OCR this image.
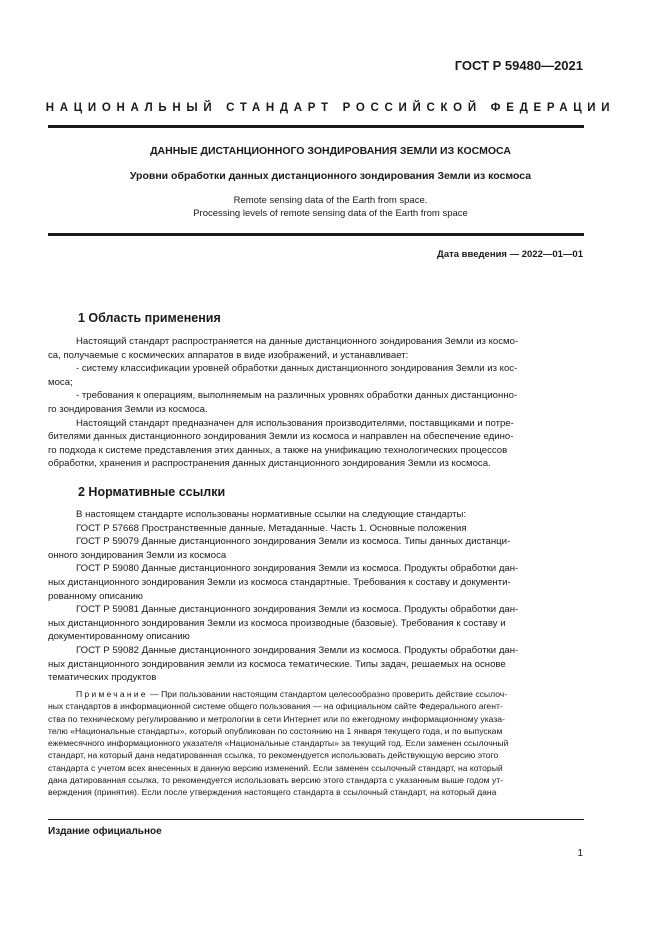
ГОСТ Р 59480—2021
НАЦИОНАЛЬНЫЙ СТАНДАРТ РОССИЙСКОЙ ФЕДЕРАЦИИ
ДАННЫЕ ДИСТАНЦИОННОГО ЗОНДИРОВАНИЯ ЗЕМЛИ ИЗ КОСМОСА
Уровни обработки данных дистанционного зондирования Земли из космоса
Remote sensing data of the Earth from space.
Processing levels of remote sensing data of the Earth from space
Дата введения — 2022—01—01
1 Область применения
Настоящий стандарт распространяется на данные дистанционного зондирования Земли из космо-
са, получаемые с космических аппаратов в виде изображений, и устанавливает:
- систему классификации уровней обработки данных дистанционного зондирования Земли из кос-
моса;
- требования к операциям, выполняемым на различных уровнях обработки данных дистанционно-
го зондирования Земли из космоса.
Настоящий стандарт предназначен для использования производителями, поставщиками и потре-
бителями данных дистанционного зондирования Земли из космоса и направлен на обеспечение едино-
го подхода к системе представления этих данных, а также на унификацию технологических процессов
обработки, хранения и распространения данных дистанционного зондирования Земли из космоса.
2 Нормативные ссылки
В настоящем стандарте использованы нормативные ссылки на следующие стандарты:
ГОСТ Р 57668 Пространственные данные. Метаданные. Часть 1. Основные положения
ГОСТ Р 59079 Данные дистанционного зондирования Земли из космоса. Типы данных дистанци-
онного зондирования Земли из космоса
ГОСТ Р 59080 Данные дистанционного зондирования Земли из космоса. Продукты обработки дан-
ных дистанционного зондирования Земли из космоса стандартные. Требования к составу и документи-
рованному описанию
ГОСТ Р 59081 Данные дистанционного зондирования Земли из космоса. Продукты обработки дан-
ных дистанционного зондирования Земли из космоса производные (базовые). Требования к составу и
документированному описанию
ГОСТ Р 59082 Данные дистанционного зондирования Земли из космоса. Продукты обработки дан-
ных дистанционного зондирования земли из космоса тематические. Типы задач, решаемых на основе
тематических продуктов
Примечание — При пользовании настоящим стандартом целесообразно проверить действие ссылоч-
ных стандартов в информационной системе общего пользования — на официальном сайте Федерального агент-
ства по техническому регулированию и метрологии в сети Интернет или по ежегодному информационному указа-
телю «Национальные стандарты», который опубликован по состоянию на 1 января текущего года, и по выпускам
ежемесячного информационного указателя «Национальные стандарты» за текущий год. Если заменен ссылочный
стандарт, на который дана недатированная ссылка, то рекомендуется использовать действующую версию этого
стандарта с учетом всех внесенных в данную версию изменений. Если заменен ссылочный стандарт, на который
дана датированная ссылка, то рекомендуется использовать версию этого стандарта с указанным выше годом ут-
верждения (принятия). Если после утверждения настоящего стандарта в ссылочный стандарт, на который дана
Издание официальное
1
